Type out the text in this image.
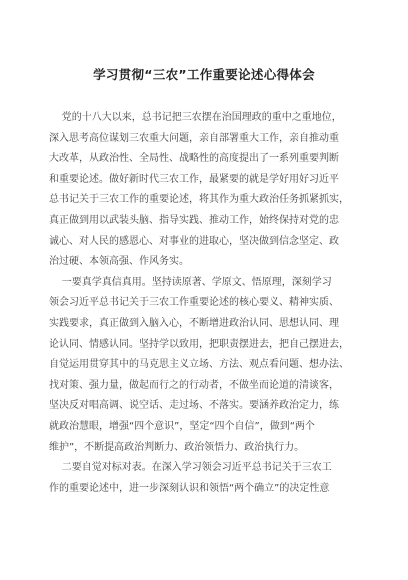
学习贯彻“三农”工作重要论述心得体会

党的十八大以来，总书记把三农摆在治国理政的重中之重地位，
深入思考高位谋划三农重大问题，亲自部署重大工作，亲自推动重
大改革，从政治性、全局性、战略性的高度提出了一系列重要判断
和重要论述。做好新时代三农工作，最紧要的就是学好用好习近平
总书记关于三农工作的重要论述，将其作为重大政治任务抓紧抓实，
真正做到用以武装头脑、指导实践、推动工作，始终保持对党的忠
诚心、对人民的感恩心、对事业的进取心，坚决做到信念坚定、政
治过硬、本领高强、作风务实。

一要真学真信真用。坚持读原著、学原文、悟原理，深刻学习
领会习近平总书记关于三农工作重要论述的核心要义、精神实质、
实践要求，真正做到入脑入心，不断增进政治认同、思想认同、理
论认同、情感认同。坚持学以致用，把职责摆进去，把自己摆进去，
自觉运用贯穿其中的马克思主义立场、方法、观点看问题、想办法、
找对策、强力量，做起而行之的行动者，不做坐而论道的清谈客，
坚决反对唱高调、说空话、走过场、不落实。要涵养政治定力，练
就政治慧眼，增强“四个意识”，坚定“四个自信”，做到“两个
维护”，不断提高政治判断力、政治领悟力、政治执行力。

二要自觉对标对表。在深入学习领会习近平总书记关于三农工
作的重要论述中，进一步深刻认识和领悟“两个确立”的决定性意
